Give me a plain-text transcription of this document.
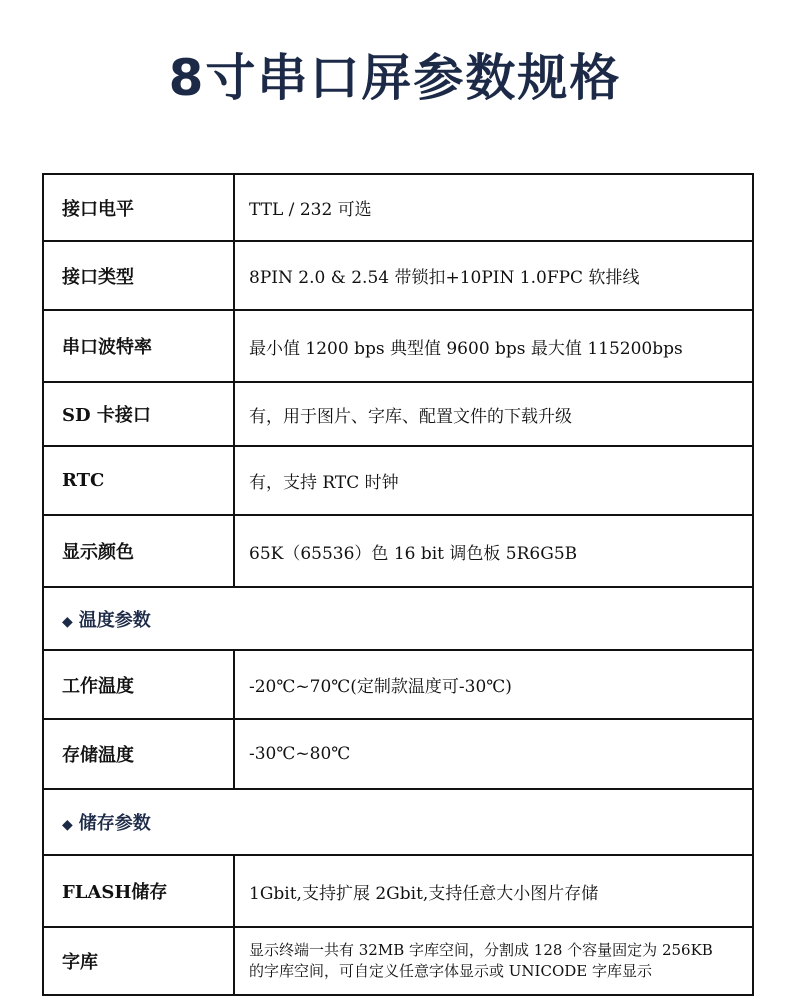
8寸串口屏参数规格
接口电平	TTL / 232 可选
接口类型	8PIN 2.0 & 2.54 带锁扣+10PIN 1.0FPC 软排线
串口波特率	最小值 1200 bps 典型值 9600 bps 最大值 115200bps
SD 卡接口	有，用于图片、字库、配置文件的下载升级
RTC	有，支持 RTC 时钟
显示颜色	65K（65536）色 16 bit 调色板 5R6G5B
◆ 温度参数	
工作温度	-20℃~70℃(定制款温度可-30℃)
存储温度	-30℃~80℃
◆ 储存参数	
FLASH储存	1Gbit,支持扩展 2Gbit,支持任意大小图片存储
字库	显示终端一共有 32MB 字库空间，分割成 128 个容量固定为 256KB
的字库空间，可自定义任意字体显示或 UNICODE 字库显示
